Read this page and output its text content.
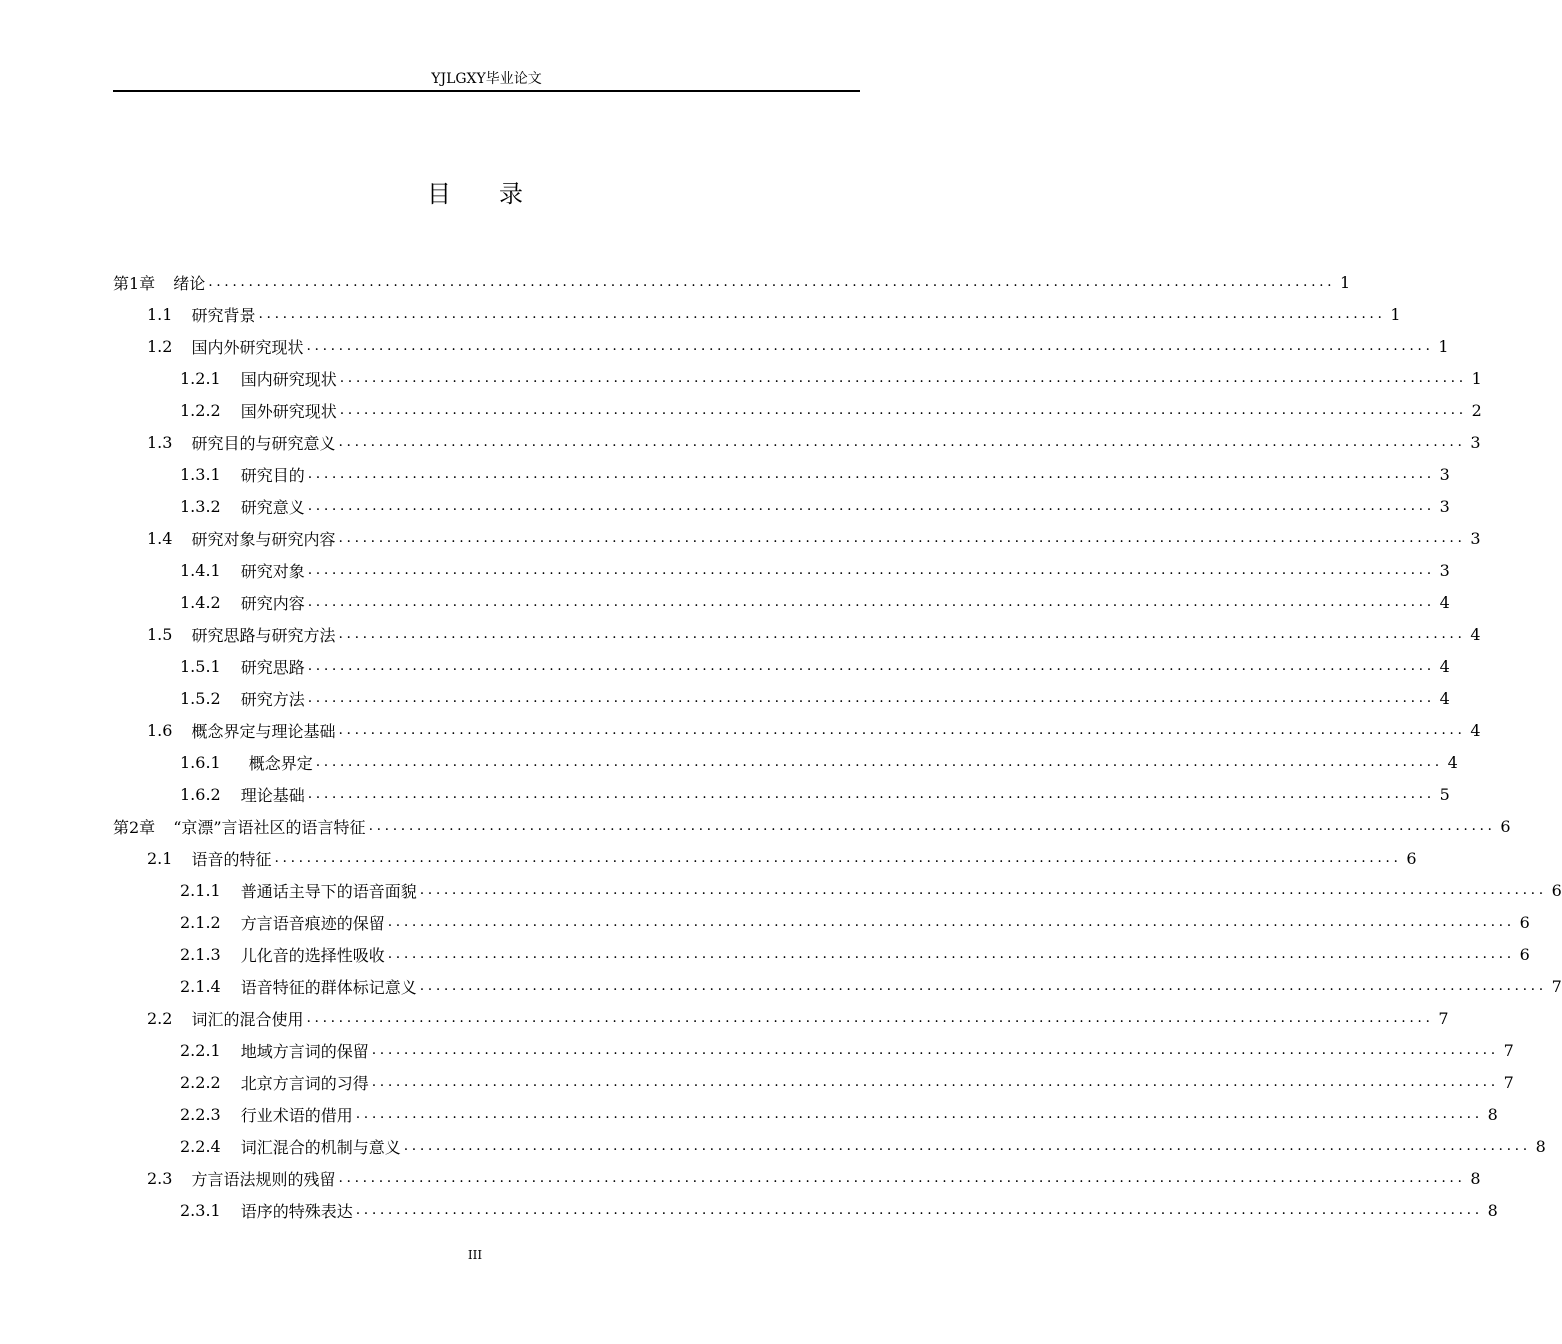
YJLGXY毕业论文
目 录
第1章 绪论 ............................................................................................................................................ 1
1.1 研究背景 ............................................................................................................................................ 1
1.2 国内外研究现状 ............................................................................................................................................ 1
1.2.1 国内研究现状 ............................................................................................................................................ 1
1.2.2 国外研究现状 ............................................................................................................................................ 2
1.3 研究目的与研究意义 ............................................................................................................................................ 3
1.3.1 研究目的 ............................................................................................................................................ 3
1.3.2 研究意义 ............................................................................................................................................ 3
1.4 研究对象与研究内容 ............................................................................................................................................ 3
1.4.1 研究对象 ............................................................................................................................................ 3
1.4.2 研究内容 ............................................................................................................................................ 4
1.5 研究思路与研究方法 ............................................................................................................................................ 4
1.5.1 研究思路 ............................................................................................................................................ 4
1.5.2 研究方法 ............................................................................................................................................ 4
1.6 概念界定与理论基础 ............................................................................................................................................ 4
1.6.1 概念界定 ............................................................................................................................................ 4
1.6.2 理论基础 ............................................................................................................................................ 5
第2章 “京漂”言语社区的语言特征 ............................................................................................................................................ 6
2.1 语音的特征 ............................................................................................................................................ 6
2.1.1 普通话主导下的语音面貌 ............................................................................................................................................ 6
2.1.2 方言语音痕迹的保留 ............................................................................................................................................ 6
2.1.3 儿化音的选择性吸收 ............................................................................................................................................ 6
2.1.4 语音特征的群体标记意义 ............................................................................................................................................ 7
2.2 词汇的混合使用 ............................................................................................................................................ 7
2.2.1 地域方言词的保留 ............................................................................................................................................ 7
2.2.2 北京方言词的习得 ............................................................................................................................................ 7
2.2.3 行业术语的借用 ............................................................................................................................................ 8
2.2.4 词汇混合的机制与意义 ............................................................................................................................................ 8
2.3 方言语法规则的残留 ............................................................................................................................................ 8
2.3.1 语序的特殊表达 ............................................................................................................................................ 8
III
